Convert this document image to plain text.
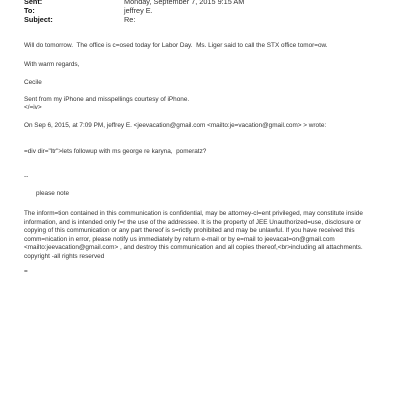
Sent:	Monday, September 7, 2015 9:15 AM
To:	jeffrey E.
Subject:	Re:
Will do tomorrow.  The office is c=osed today for Labor Day.  Ms. Liger said to call the STX office tomor=ow.
With warm regards,
Cecile
Sent from my iPhone and misspellings courtesy of iPhone.
</=iv>
On Sep 6, 2015, at 7:09 PM, jeffrey E. <jeevacation@gmail.com <mailto:je=vacation@gmail.com> > wrote:
=div dir="ltr">lets followup with ms george re karyna,  pomeratz?
--
please note
The inform=tion contained in this communication is confidential, may be attorney-cl=ent privileged, may constitute inside information, and is intended only f=r the use of the addressee. It is the property of JEE Unauthorized=use, disclosure or copying of this communication or any part thereof is s=rictly prohibited and may be unlawful. If you have received this comm=nication in error, please notify us immediately by return e-mail or by e=mail to jeevacat=on@gmail.com <mailto:jeevacation@gmail.com> , and destroy this communication and all copies thereof,<br>including all attachments. copyright -all rights reserved
=
